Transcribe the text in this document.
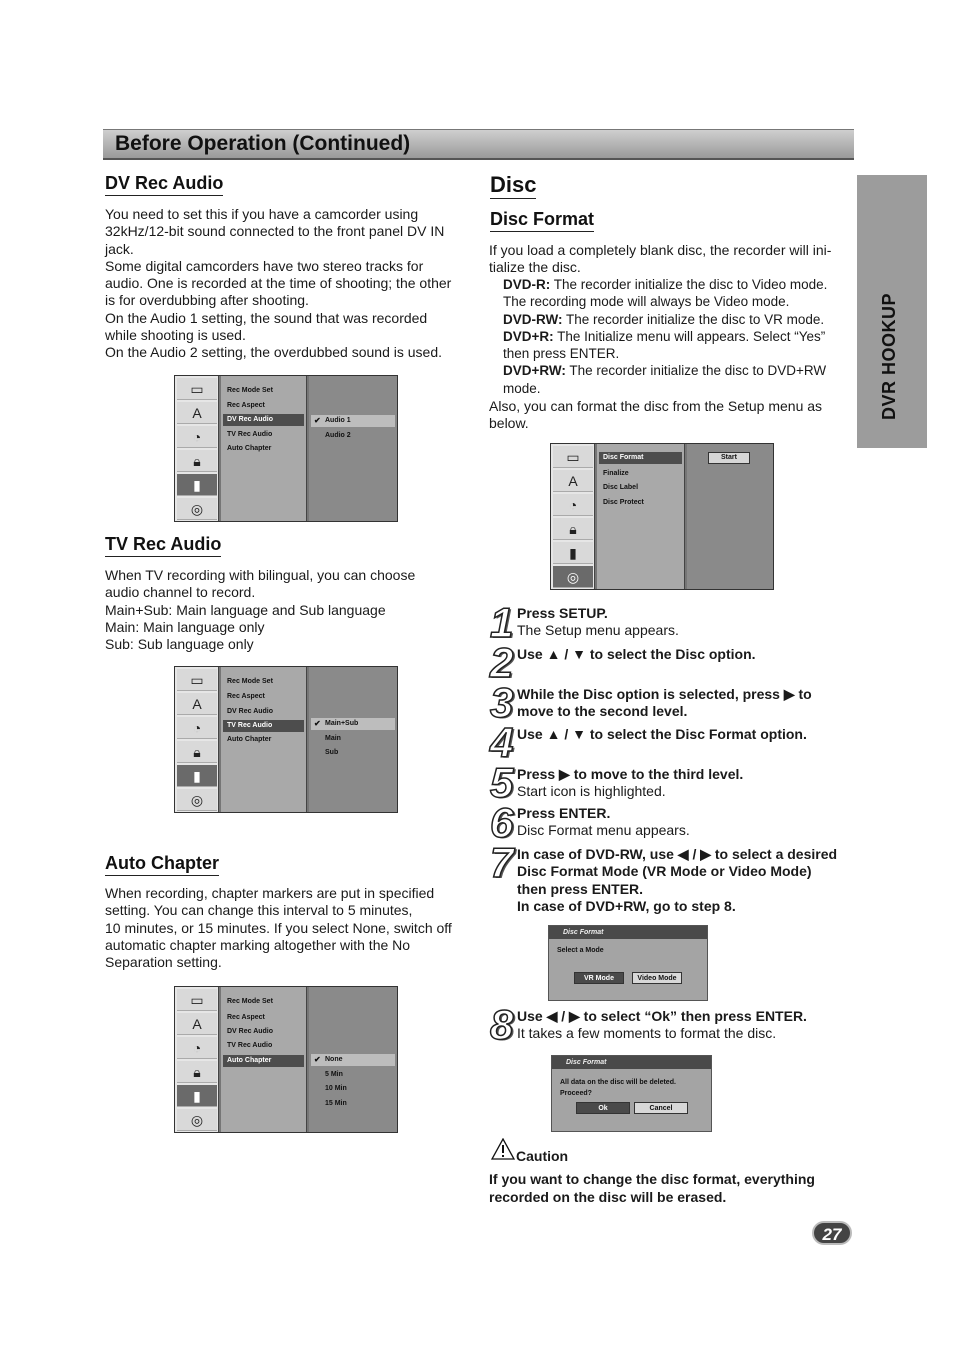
Before Operation (Continued)
DVR HOOKUP
DV Rec Audio

You need to set this if you have a camcorder using

32kHz/12-bit sound connected to the front panel DV IN

jack.

Some digital camcorders have two stereo tracks for

audio. One is recorded at the time of shooting; the other

is for overdubbing after shooting.

On the Audio 1 setting, the sound that was recorded

while shooting is used.

On the Audio 2 setting, the overdubbed sound is used.

▭
A
◔
🔒︎
▮
◎
Rec Mode Set
Rec Aspect
DV Rec Audio
TV Rec Audio
Auto Chapter
✔ Audio 1
Audio 2
TV Rec Audio

When TV recording with bilingual, you can choose

audio channel to record.

Main+Sub: Main language and Sub language

Main: Main language only

Sub: Sub language only

▭
A
◔
🔒︎
▮
◎
Rec Mode Set
Rec Aspect
DV Rec Audio
TV Rec Audio
Auto Chapter
✔ Main+Sub
Main
Sub
Auto Chapter

When recording, chapter markers are put in specified

setting. You can change this interval to 5 minutes,

10 minutes, or 15 minutes. If you select None, switch off

automatic chapter marking altogether with the No

Separation setting.

▭
A
◔
🔒︎
▮
◎
Rec Mode Set
Rec Aspect
DV Rec Audio
TV Rec Audio
Auto Chapter	✔ None
5 Min
10 Min
15 Min
Disc
Disc Format

If you load a completely blank disc, the recorder will ini-

tialize the disc.

DVD-R: The recorder initialize the disc to Video mode.

The recording mode will always be Video mode.

DVD-RW: The recorder initialize the disc to VR mode.

DVD+R: The Initialize menu will appears. Select “Yes”

then press ENTER.

DVD+RW: The recorder initialize the disc to DVD+RW

mode.

Also, you can format the disc from the Setup menu as

below.

▭
A
◔
🔒︎
▮
◎
Disc Format
Finalize
Disc Label
Disc Protect
Start
1 Press SETUP.

The Setup menu appears.

2 Use ▲ / ▼ to select the Disc option.

3 While the Disc option is selected, press ▶ to

move to the second level.

4 Use ▲ / ▼ to select the Disc Format option.

5 Press ▶ to move to the third level.

Start icon is highlighted.

6 Press ENTER.

Disc Format menu appears.

7 In case of DVD-RW, use ◀ / ▶ to select a desired

Disc Format Mode (VR Mode or Video Mode)

then press ENTER.

In case of DVD+RW, go to step 8.

Disc Format
Select a Mode
VR Mode	Video Mode
8 Use ◀ / ▶ to select “Ok” then press ENTER.

It takes a few moments to format the disc.

Disc Format
All data on the disc will be deleted.
Proceed?
Ok	Cancel
Caution

If you want to change the disc format, everything

recorded on the disc will be erased.

27
